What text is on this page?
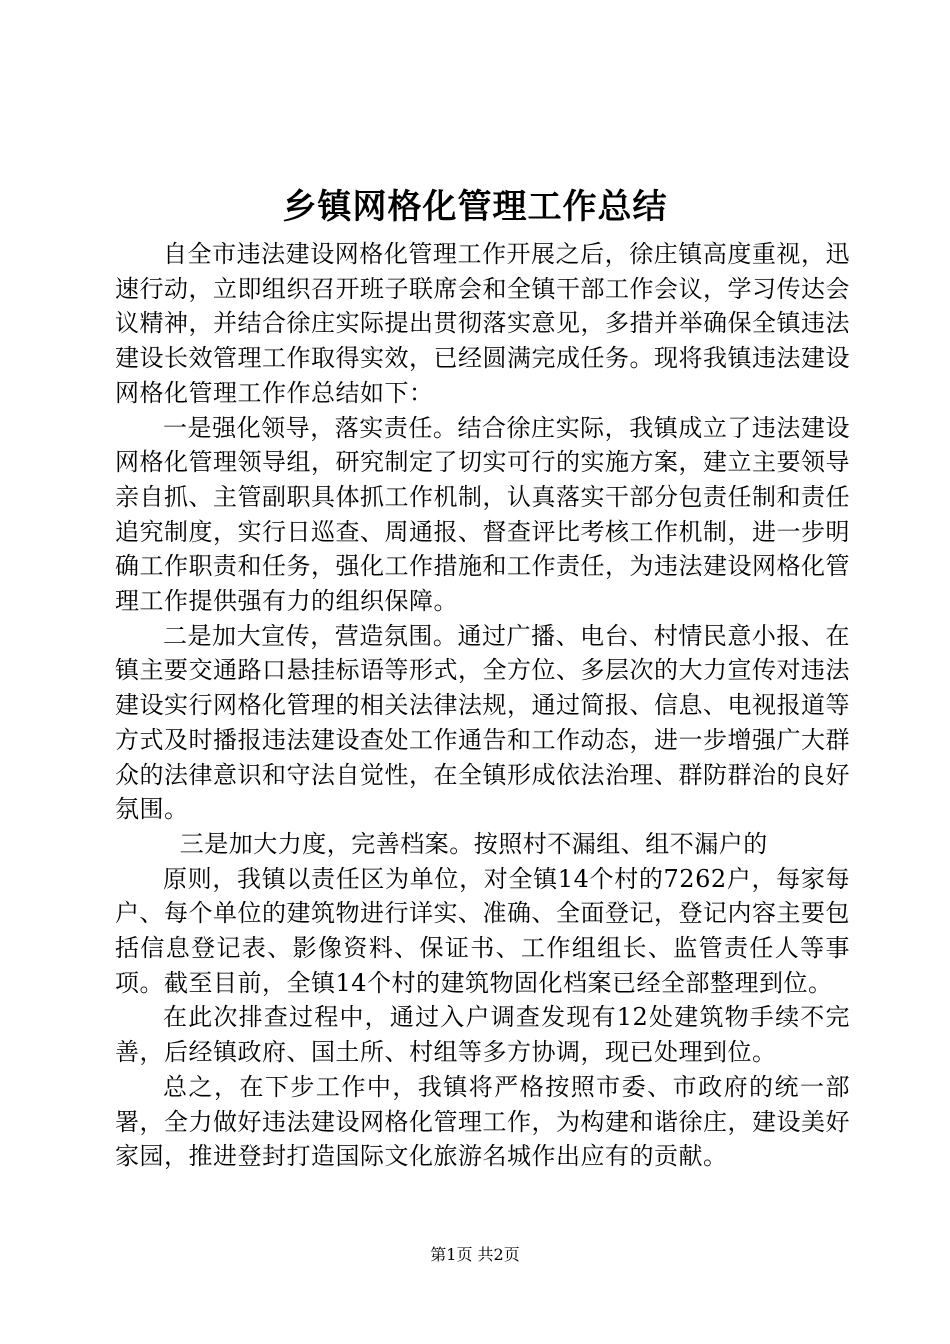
乡镇网格化管理工作总结

自全市违法建设网格化管理工作开展之后，徐庄镇高度重视，迅速行动，立即组织召开班子联席会和全镇干部工作会议，学习传达会议精神，并结合徐庄实际提出贯彻落实意见，多措并举确保全镇违法建设长效管理工作取得实效，已经圆满完成任务。现将我镇违法建设网格化管理工作作总结如下：

一是强化领导，落实责任。结合徐庄实际，我镇成立了违法建设网格化管理领导组，研究制定了切实可行的实施方案，建立主要领导亲自抓、主管副职具体抓工作机制，认真落实干部分包责任制和责任追究制度，实行日巡查、周通报、督查评比考核工作机制，进一步明确工作职责和任务，强化工作措施和工作责任，为违法建设网格化管理工作提供强有力的组织保障。

二是加大宣传，营造氛围。通过广播、电台、村情民意小报、在镇主要交通路口悬挂标语等形式，全方位、多层次的大力宣传对违法建设实行网格化管理的相关法律法规，通过简报、信息、电视报道等方式及时播报违法建设查处工作通告和工作动态，进一步增强广大群众的法律意识和守法自觉性，在全镇形成依法治理、群防群治的良好氛围。

三是加大力度，完善档案。按照村不漏组、组不漏户的

原则，我镇以责任区为单位，对全镇14个村的7262户，每家每户、每个单位的建筑物进行详实、准确、全面登记，登记内容主要包括信息登记表、影像资料、保证书、工作组组长、监管责任人等事项。截至目前，全镇14个村的建筑物固化档案已经全部整理到位。

在此次排查过程中，通过入户调查发现有12处建筑物手续不完善，后经镇政府、国土所、村组等多方协调，现已处理到位。

总之，在下步工作中，我镇将严格按照市委、市政府的统一部署，全力做好违法建设网格化管理工作，为构建和谐徐庄，建设美好家园，推进登封打造国际文化旅游名城作出应有的贡献。

第1页 共2页
